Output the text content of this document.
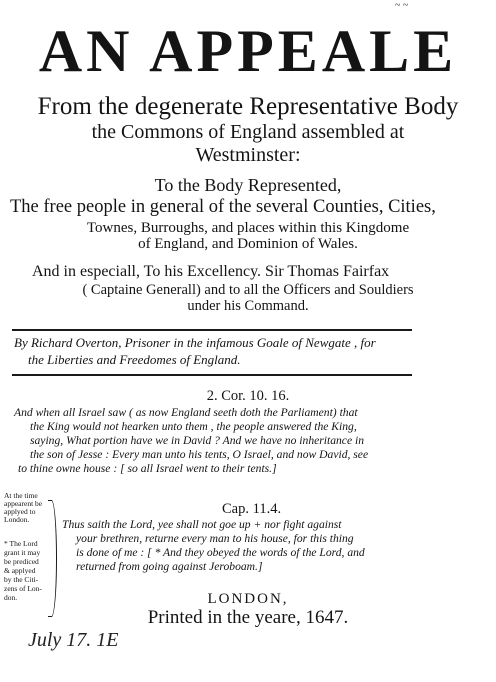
~ ~
AN APPEALE
From the degenerate Representative Body
the Commons of England assembled at
Westminster:
To the Body Represented,
The free people in general of the several Counties, Cities,
Townes, Burroughs, and places within this Kingdome
of England, and Dominion of Wales.
And in especiall, To his Excellency. Sir Thomas Fairfax
( Captaine Generall) and to all the Officers and Souldiers
under his Command.
By Richard Overton, Prisoner in the infamous Goale of Newgate , for
the Liberties and Freedomes of England.
2. Cor. 10. 16.
And when all Israel saw ( as now England seeth doth the Parliament) that
the King would not hearken unto them , the people answered the King,
saying, What portion have we in David ? And we have no inheritance in
the son of Jesse : Every man unto his tents, O Israel, and now David, see
to thine owne house : [ so all Israel went to their tents.]
At the time
appearent be
applyed to
London.
* The Lord
grant it may
be prediced
& applyed
by the Citi-
zens of Lon-
don.
Cap. 11.4.
Thus saith the Lord, yee shall not goe up + nor fight against
your brethren, returne every man to his house, for this thing
is done of me : [ * And they obeyed the words of the Lord, and
returned from going against Jeroboam.]
LONDON,
Printed in the yeare, 1647.
July 17. 1E
